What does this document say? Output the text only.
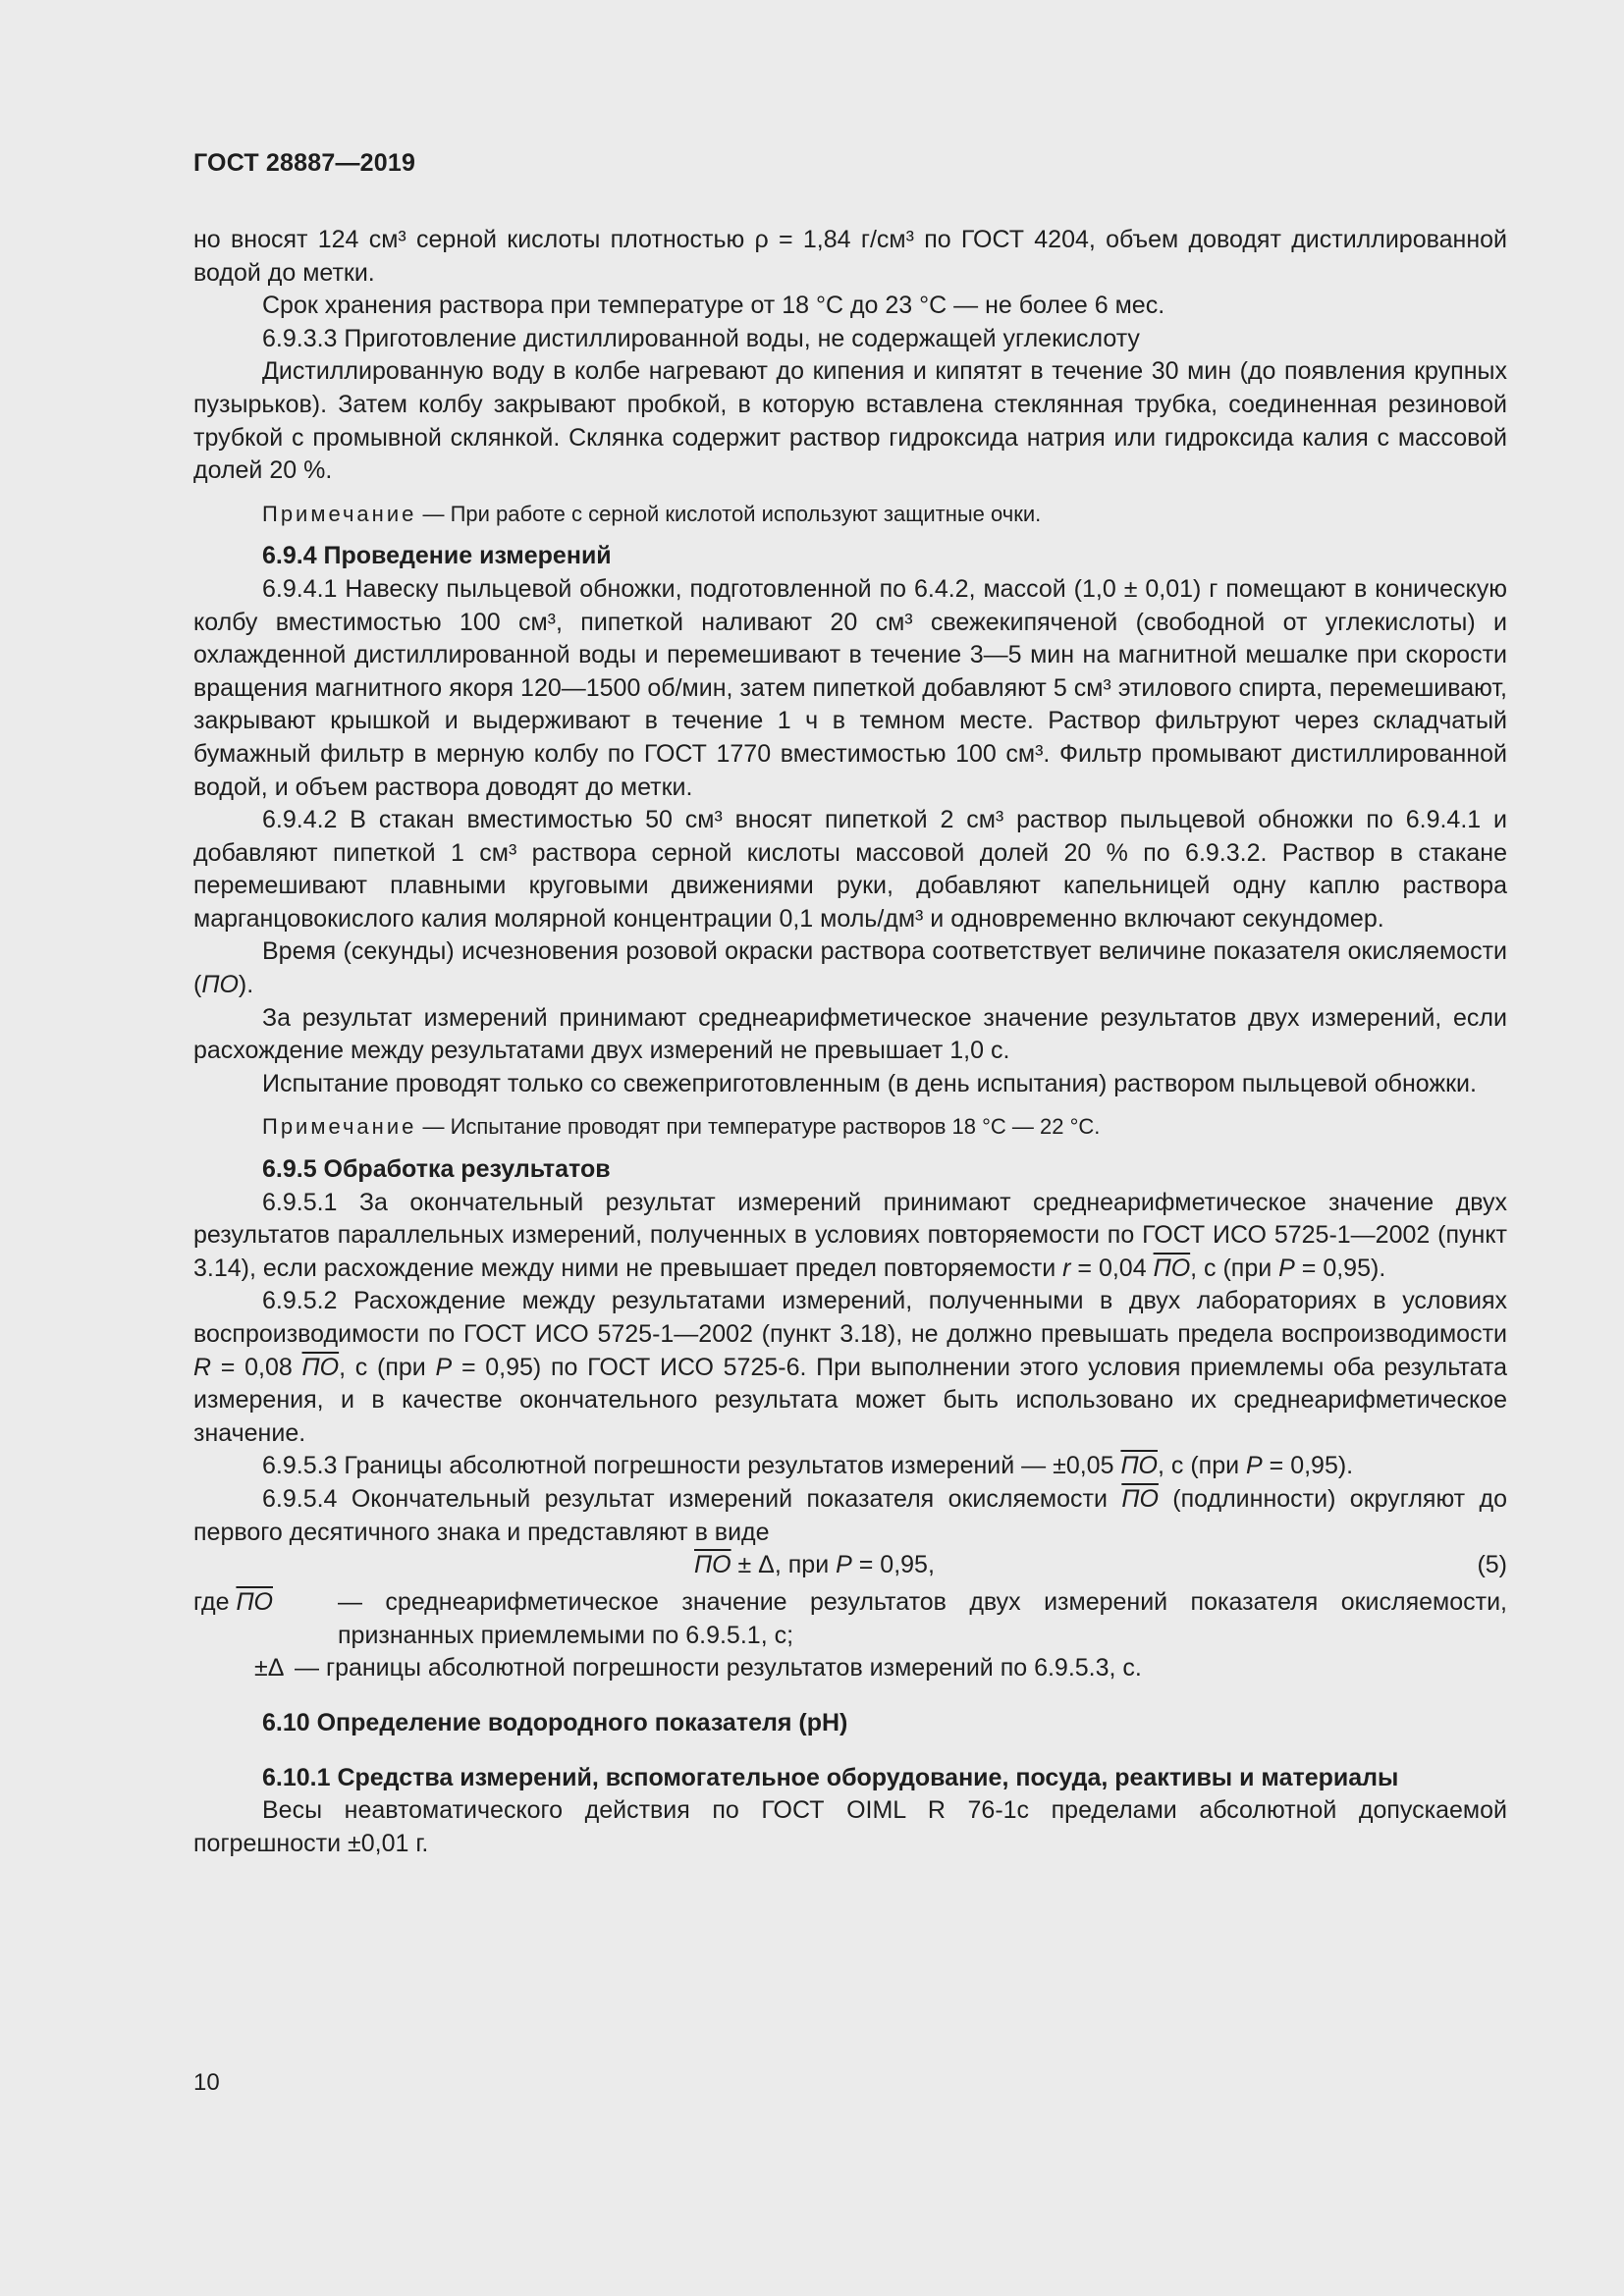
ГОСТ 28887—2019

но вносят 124 см³ серной кислоты плотностью ρ = 1,84 г/см³ по ГОСТ 4204, объем доводят дистиллированной водой до метки.

Срок хранения раствора при температуре от 18 °С до 23 °С — не более 6 мес.

6.9.3.3 Приготовление дистиллированной воды, не содержащей углекислоту

Дистиллированную воду в колбе нагревают до кипения и кипятят в течение 30 мин (до появления крупных пузырьков). Затем колбу закрывают пробкой, в которую вставлена стеклянная трубка, соединенная резиновой трубкой с промывной склянкой. Склянка содержит раствор гидроксида натрия или гидроксида калия с массовой долей 20 %.

Примечание — При работе с серной кислотой используют защитные очки.

6.9.4 Проведение измерений

6.9.4.1 Навеску пыльцевой обножки, подготовленной по 6.4.2, массой (1,0 ± 0,01) г помещают в коническую колбу вместимостью 100 см³, пипеткой наливают 20 см³ свежекипяченой (свободной от углекислоты) и охлажденной дистиллированной воды и перемешивают в течение 3—5 мин на магнитной мешалке при скорости вращения магнитного якоря 120—1500 об/мин, затем пипеткой добавляют 5 см³ этилового спирта, перемешивают, закрывают крышкой и выдерживают в течение 1 ч в темном месте. Раствор фильтруют через складчатый бумажный фильтр в мерную колбу по ГОСТ 1770 вместимостью 100 см³. Фильтр промывают дистиллированной водой, и объем раствора доводят до метки.

6.9.4.2 В стакан вместимостью 50 см³ вносят пипеткой 2 см³ раствор пыльцевой обножки по 6.9.4.1 и добавляют пипеткой 1 см³ раствора серной кислоты массовой долей 20 % по 6.9.3.2. Раствор в стакане перемешивают плавными круговыми движениями руки, добавляют капельницей одну каплю раствора марганцовокислого калия молярной концентрации 0,1 моль/дм³ и одновременно включают секундомер.

Время (секунды) исчезновения розовой окраски раствора соответствует величине показателя окисляемости (ПО).

За результат измерений принимают среднеарифметическое значение результатов двух измерений, если расхождение между результатами двух измерений не превышает 1,0 с.

Испытание проводят только со свежеприготовленным (в день испытания) раствором пыльцевой обножки.

Примечание — Испытание проводят при температуре растворов 18 °С — 22 °С.

6.9.5 Обработка результатов

6.9.5.1 За окончательный результат измерений принимают среднеарифметическое значение двух результатов параллельных измерений, полученных в условиях повторяемости по ГОСТ ИСО 5725-1—2002 (пункт 3.14), если расхождение между ними не превышает предел повторяемости r = 0,04 ПО, с (при P = 0,95).

6.9.5.2 Расхождение между результатами измерений, полученными в двух лабораториях в условиях воспроизводимости по ГОСТ ИСО 5725-1—2002 (пункт 3.18), не должно превышать предела воспроизводимости R = 0,08 ПО, с (при P = 0,95) по ГОСТ ИСО 5725-6. При выполнении этого условия приемлемы оба результата измерения, и в качестве окончательного результата может быть использовано их среднеарифметическое значение.

6.9.5.3 Границы абсолютной погрешности результатов измерений — ±0,05 ПО, с (при P = 0,95).

6.9.5.4 Окончательный результат измерений показателя окисляемости ПО (подлинности) округляют до первого десятичного знака и представляют в виде

ПО ± Δ, при P = 0,95,	(5)
где ПО	— среднеарифметическое значение результатов двух измерений показателя окисляемости, признанных приемлемыми по 6.9.5.1, с;
±Δ — границы абсолютной погрешности результатов измерений по 6.9.5.3, с.

6.10 Определение водородного показателя (рН)

6.10.1 Средства измерений, вспомогательное оборудование, посуда, реактивы и материалы

Весы неавтоматического действия по ГОСТ OIML R 76-1с пределами абсолютной допускаемой погрешности ±0,01 г.

10
